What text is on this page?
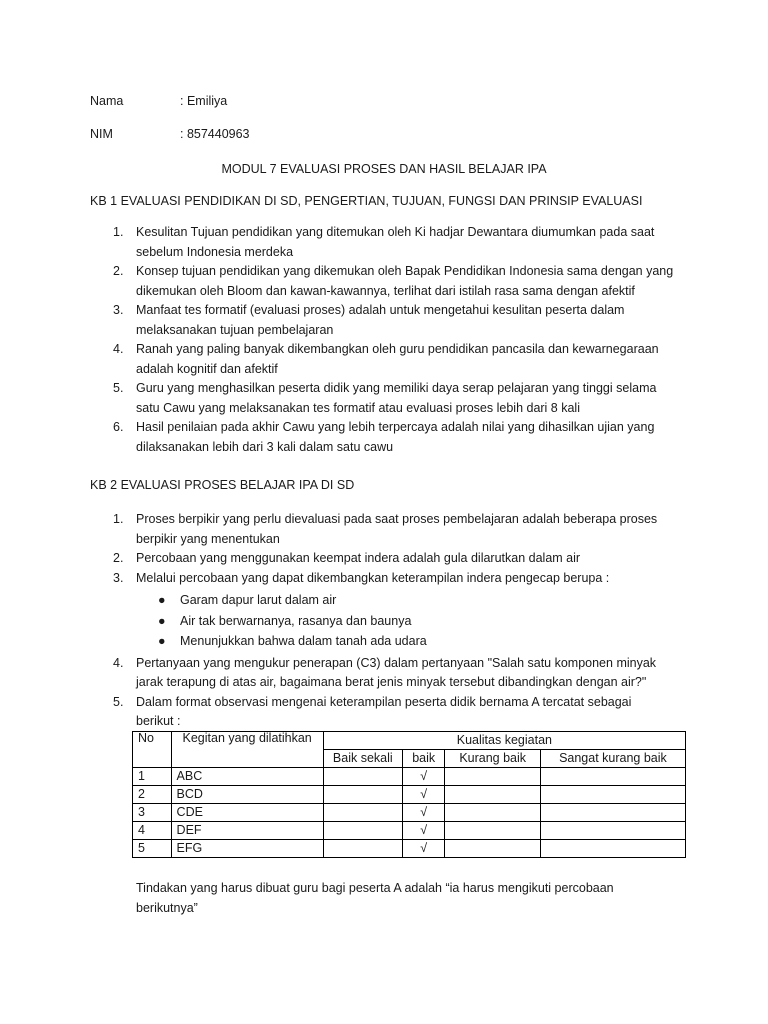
Nama	: Emiliya
NIM	: 857440963
MODUL 7 EVALUASI PROSES DAN HASIL BELAJAR IPA
KB 1 EVALUASI PENDIDIKAN DI SD, PENGERTIAN, TUJUAN, FUNGSI DAN PRINSIP EVALUASI
1. Kesulitan Tujuan pendidikan yang ditemukan oleh Ki hadjar Dewantara diumumkan pada saat
sebelum Indonesia merdeka
2. Konsep tujuan pendidikan yang dikemukan oleh Bapak Pendidikan Indonesia sama dengan yang
dikemukan oleh Bloom dan kawan-kawannya, terlihat dari istilah rasa sama dengan afektif
3. Manfaat tes formatif (evaluasi proses) adalah untuk mengetahui kesulitan peserta dalam
melaksanakan tujuan pembelajaran
4. Ranah yang paling banyak dikembangkan oleh guru pendidikan pancasila dan kewarnegaraan
adalah kognitif dan afektif
5. Guru yang menghasilkan peserta didik yang memiliki daya serap pelajaran yang tinggi selama
satu Cawu yang melaksanakan tes formatif atau evaluasi proses lebih dari 8 kali
6. Hasil penilaian pada akhir Cawu yang lebih terpercaya adalah nilai yang dihasilkan ujian yang
dilaksanakan lebih dari 3 kali dalam satu cawu
KB 2 EVALUASI PROSES BELAJAR IPA DI SD
1. Proses berpikir yang perlu dievaluasi pada saat proses pembelajaran adalah beberapa proses
berpikir yang menentukan
2. Percobaan yang menggunakan keempat indera adalah gula dilarutkan dalam air
3. Melalui percobaan yang dapat dikembangkan keterampilan indera pengecap berupa :
● Garam dapur larut dalam air
● Air tak berwarnanya, rasanya dan baunya
● Menunjukkan bahwa dalam tanah ada udara
4. Pertanyaan yang mengukur penerapan (C3) dalam pertanyaan "Salah satu komponen minyak
jarak terapung di atas air, bagaimana berat jenis minyak tersebut dibandingkan dengan air?"
5. Dalam format observasi mengenai keterampilan peserta didik bernama A tercatat sebagai
berikut :
No	Kegitan yang dilatihkan	Kualitas kegiatan			
		Baik sekali	baik	Kurang baik	Sangat kurang baik
1	ABC		√		
2	BCD		√		
3	CDE		√		
4	DEF		√		
5	EFG		√		
Tindakan yang harus dibuat guru bagi peserta A adalah “ia harus mengikuti percobaan
berikutnya”
